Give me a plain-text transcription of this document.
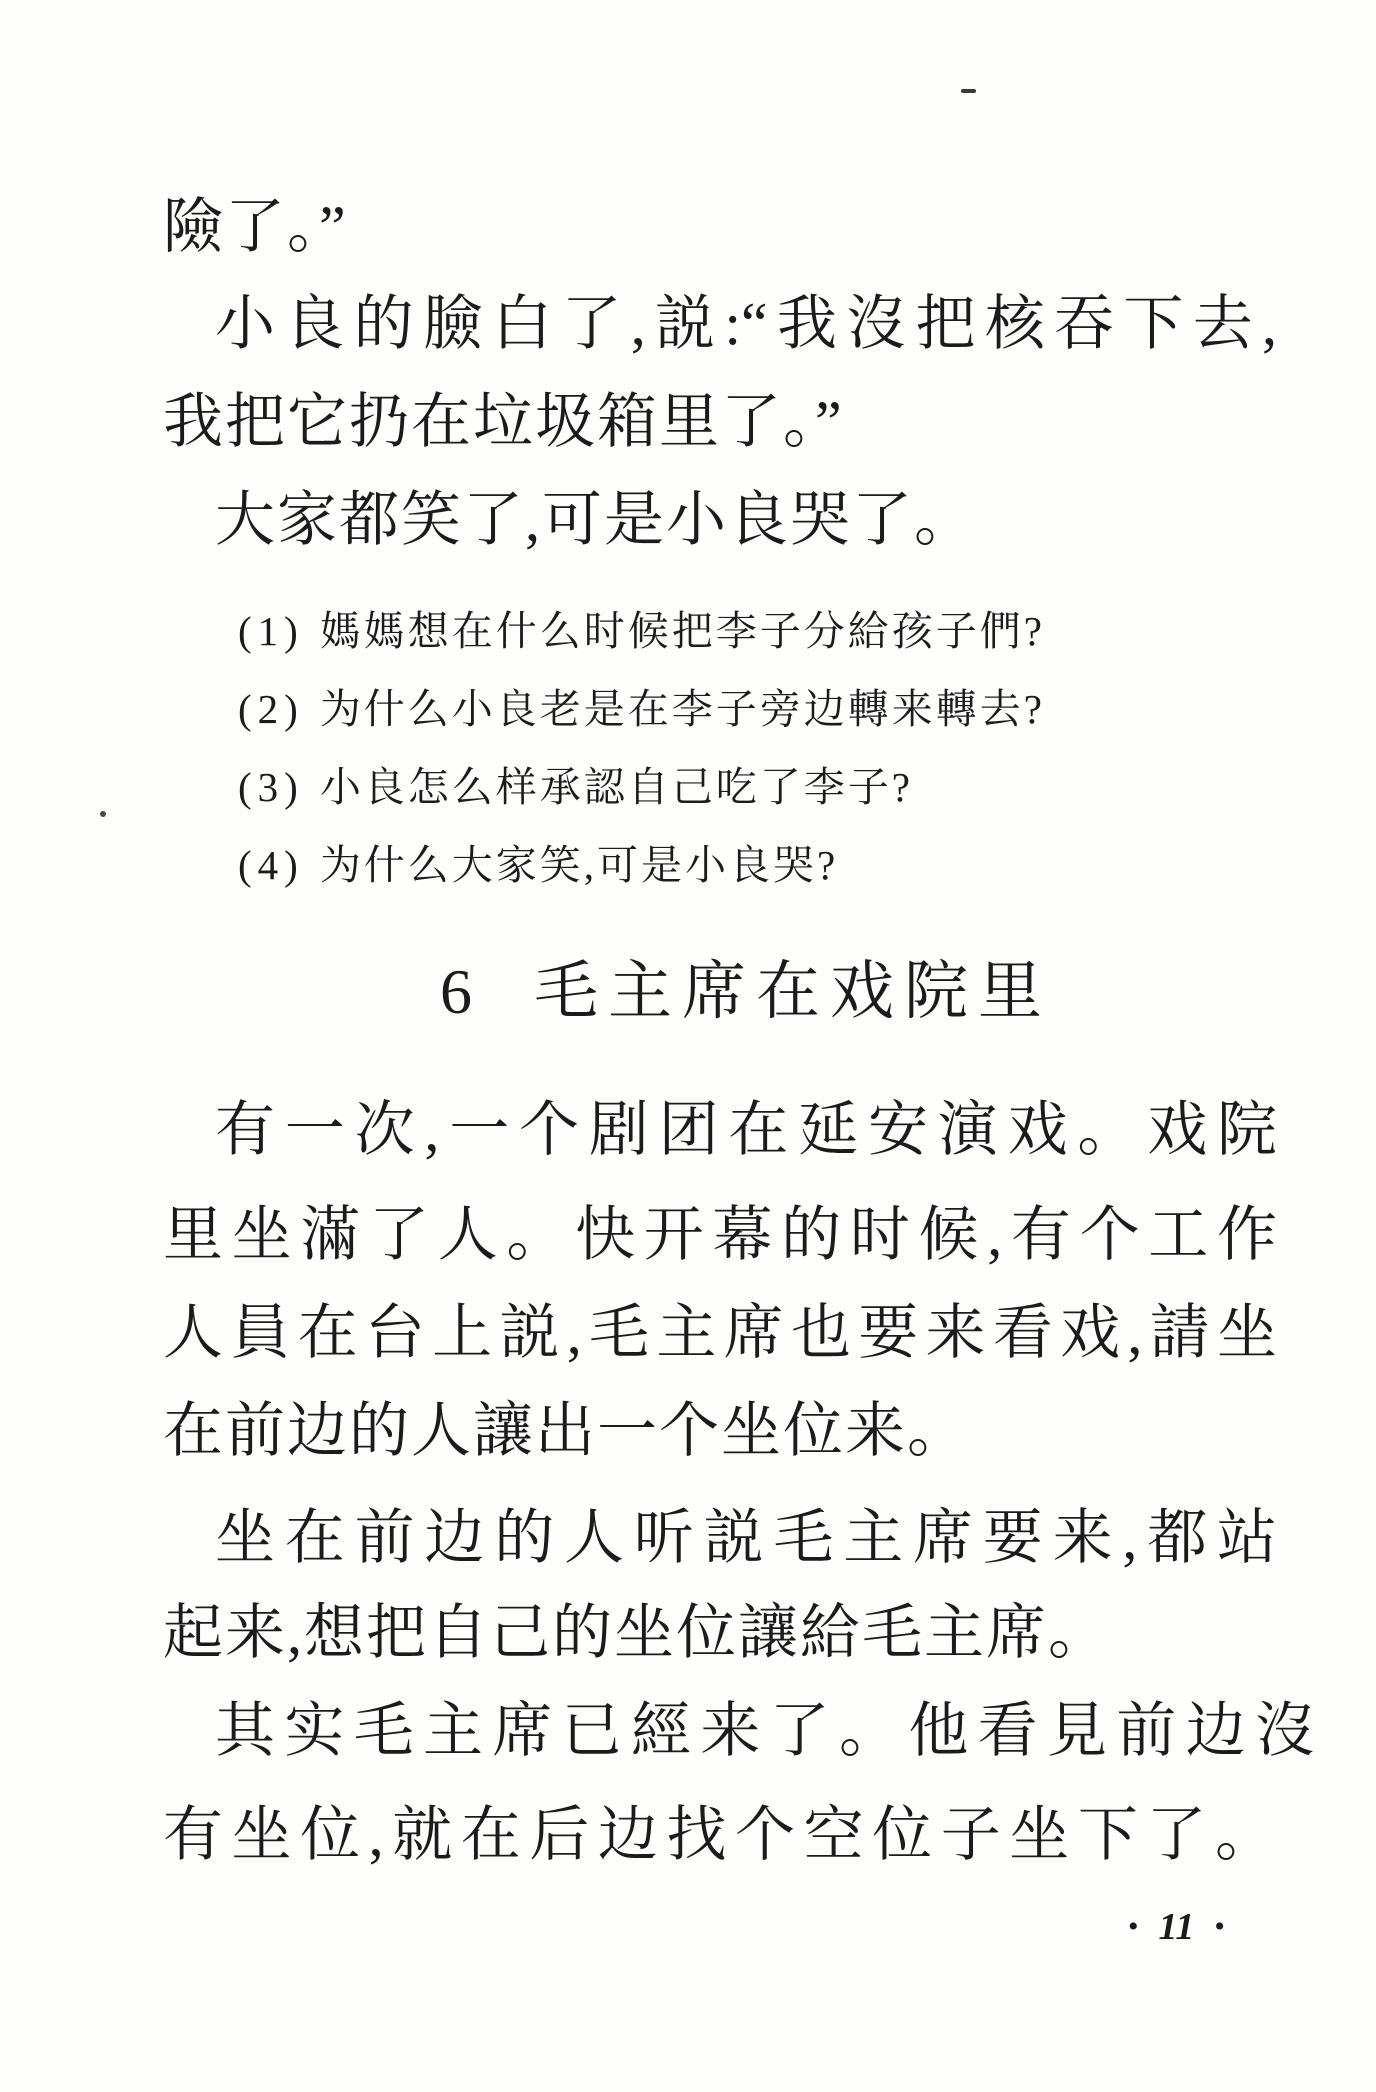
險了。”
小良的臉白了,説:“我沒把核吞下去,
我把它扔在垃圾箱里了。”
大家都笑了,可是小良哭了。
(1) 媽媽想在什么时候把李子分給孩子們?
(2) 为什么小良老是在李子旁边轉来轉去?
(3) 小良怎么样承認自己吃了李子?
(4) 为什么大家笑,可是小良哭?
6 毛主席在戏院里
有一次,一个剧团在延安演戏。戏院
里坐滿了人。快开幕的时候,有个工作
人員在台上説,毛主席也要来看戏,請坐
在前边的人讓出一个坐位来。
坐在前边的人听説毛主席要来,都站
起来,想把自己的坐位讓給毛主席。
其实毛主席已經来了。他看見前边沒
有坐位,就在后边找个空位子坐下了。
• 11 •
